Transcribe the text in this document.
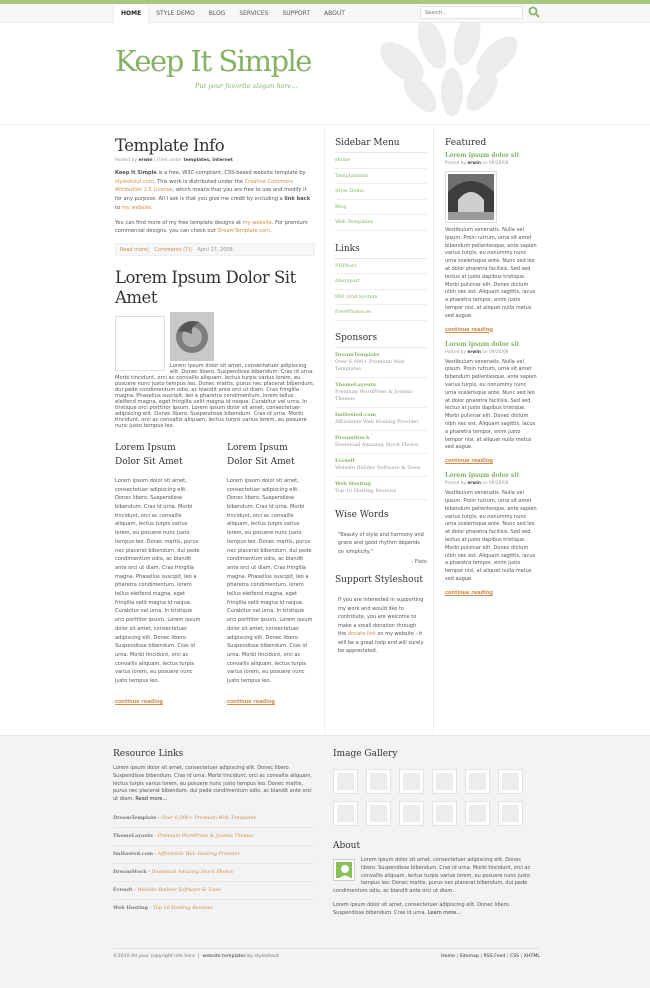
HOME	STYLE DEMO	BLOG	SERVICES	SUPPORT	ABOUT
Search...
Keep It Simple
Put your favorite slogan here...
Template Info
Posted by erwin | Filed under templates, internet

Keep It Simple is a free, W3C-compliant, CSS-based website template by styleshout.com. This work is distributed under the Creative Commons Attribution 2.5 License, which means that you are free to use and modify it for any purpose. All I ask is that you give me credit by including a link back to my website.

You can find more of my free template designs at my website. For premium commercial designs, you can check out DreamTemplate.com.

Read more| Comments (7)| April 17, 2008
Lorem Ipsum Dolor Sit Amet

Lorem ipsum dolor sit amet, consectetuer adipiscing elit. Donec libero. Suspendisse bibendum. Cras id urna. Morbi tincidunt, orci ac convallis aliquam, lectus turpis varius lorem, eu posuere nunc justo tempus leo. Donec mattis, purus nec placerat bibendum, dui pede condimentum odio, ac blandit ante orci ut diam. Cras fringilla magna. Phasellus suscipit, leo a pharetra condimentum, lorem tellus eleifend magna, eget fringilla velit magna id neque. Curabitur vel urna. In tristique orci porttitor ipsum. Lorem ipsum dolor sit amet, consectetuer adipiscing elit. Donec libero. Suspendisse bibendum. Cras id urna. Morbi tincidunt, orci ac convallis aliquam, lectus turpis varius lorem, eu posuere nunc justo tempus leo.

Lorem Ipsum Dolor Sit Amet

Lorem ipsum dolor sit amet, consectetuer adipiscing elit. Donec libero. Suspendisse bibendum. Cras id urna. Morbi tincidunt, orci ac convallis aliquam, lectus turpis varius lorem, eu posuere nunc justo tempus leo. Donec mattis, purus nec placerat bibendum, dui pede condimentum odio, ac blandit ante orci ut diam. Cras fringilla magna. Phasellus suscipit, leo a pharetra condimentum, lorem tellus eleifend magna, eget fringilla velit magna id neque. Curabitur vel urna. In tristique orci porttitor ipsum. Lorem ipsum dolor sit amet, consectetuer adipiscing elit. Donec libero. Suspendisse bibendum. Cras id urna. Morbi tincidunt, orci ac convallis aliquam, lectus turpis varius lorem, eu posuere nunc justo tempus leo.

continue reading
Lorem Ipsum Dolor Sit Amet

Lorem ipsum dolor sit amet, consectetuer adipiscing elit. Donec libero. Suspendisse bibendum. Cras id urna. Morbi tincidunt, orci ac convallis aliquam, lectus turpis varius lorem, eu posuere nunc justo tempus leo. Donec mattis, purus nec placerat bibendum, dui pede condimentum odio, ac blandit ante orci ut diam. Cras fringilla magna. Phasellus suscipit, leo a pharetra condimentum, lorem tellus eleifend magna, eget fringilla velit magna id neque. Curabitur vel urna. In tristique orci porttitor ipsum. Lorem ipsum dolor sit amet, consectetuer adipiscing elit. Donec libero. Suspendisse bibendum. Cras id urna. Morbi tincidunt, orci ac convallis aliquam, lectus turpis varius lorem, eu posuere nunc justo tempus leo.

continue reading
Sidebar Menu
Home
Templatelnfo
Style Demo
Blog
Web Templates
Links
PDPhoto
Alistapart
960 Grid System
FreePhotos.se
Sponsors
DreamTemplate
Over 6,000+ Premium Web Templates
ThemeLayouts
Premium WordPress & Joomla Themes
ImHosted.com
Affordable Web Hosting Provider
DreamStock
Download Amazing Stock Photos
Evrsoft
Website Builder Software & Tools
Web Hosting
Top 10 Hosting Reviews
Wise Words
"Beauty of style and harmony and grace and good rhythm depends on simplicity."
- Plato
Support Styleshout
If you are interested in supporting my work and would like to contribute, you are welcome to make a small donation through the donate link on my website - it will be a great help and will surely be appreciated.
Featured
Lorem ipsum dolor sit
Posted by erwin on 09/26/08

Vestibulum venenatis. Nulla vel ipsum. Proin rutrum, urna sit amet bibendum pellentesque, ante sapien varius turpis, eu nonummy nunc urna scelerisque ante. Nunc sed leo at dolor pharetra facilisis. Sed sed lectus at justo dapibus tristique. Morbi pulvinar elit. Donec dictum nibh nec est. Aliquam sagittis, lacus a pharetra tempor, enim justo tempor nisi, at aliquet nulla metus sed augue.

continue reading
Lorem ipsum dolor sit
Posted by erwin on 09/26/08

Vestibulum venenatis. Nulla vel ipsum. Proin rutrum, urna sit amet bibendum pellentesque, ante sapien varius turpis, eu nonummy nunc urna scelerisque ante. Nunc sed leo at dolor pharetra facilisis. Sed sed lectus at justo dapibus tristique. Morbi pulvinar elit. Donec dictum nibh nec est. Aliquam sagittis, lacus a pharetra tempor, enim justo tempor nisi, at aliquet nulla metus sed augue.

continue reading
Lorem ipsum dolor sit
Posted by erwin on 09/26/08

Vestibulum venenatis. Nulla vel ipsum. Proin rutrum, urna sit amet bibendum pellentesque, ante sapien varius turpis, eu nonummy nunc urna scelerisque ante. Nunc sed leo at dolor pharetra facilisis. Sed sed lectus at justo dapibus tristique. Morbi pulvinar elit. Donec dictum nibh nec est. Aliquam sagittis, lacus a pharetra tempor, enim justo tempor nisi, at aliquet nulla metus sed augue.

continue reading
Resource Links

Lorem ipsum dolor sit amet, consectetuer adipiscing elit. Donec libero. Suspendisse bibendum. Cras id urna. Morbi tincidunt, orci ac convallis aliquam, lectus turpis varius lorem, eu posuere nunc justo tempus leo. Donec mattis, purus nec placerat bibendum, dui pede condimentum odio, ac blandit ante orci ut diam. Read more...

DreamTemplate - Over 6,000+ Premium Web Templates
ThemeLayouts - Premium WordPress & Joomla Themes
ImHosted.com - Affordable Web Hosting Provider
DreamStock - Download Amazing Stock Photos
Evrsoft - Website Builder Software & Tools
Web Hosting - Top 10 Hosting Reviews
Image Gallery
About

Lorem ipsum dolor sit amet, consectetuer adipiscing elit. Donec libero. Suspendisse bibendum. Cras id urna. Morbi tincidunt, orci ac convallis aliquam, lectus turpis varius lorem, eu posuere nunc justo tempus leo. Donec mattis, purus nec placerat bibendum, dui pede condimentum odio, ac blandit ante orci ut diam.

Lorem ipsum dolor sit amet, consectetuer adipiscing elit. Donec libero. Suspendisse bibendum. Cras id urna. Learn more...

©2010 All your copyright info here  |  website templates by styleshout	Home | Sitemap | RSS Feed | CSS | XHTML
